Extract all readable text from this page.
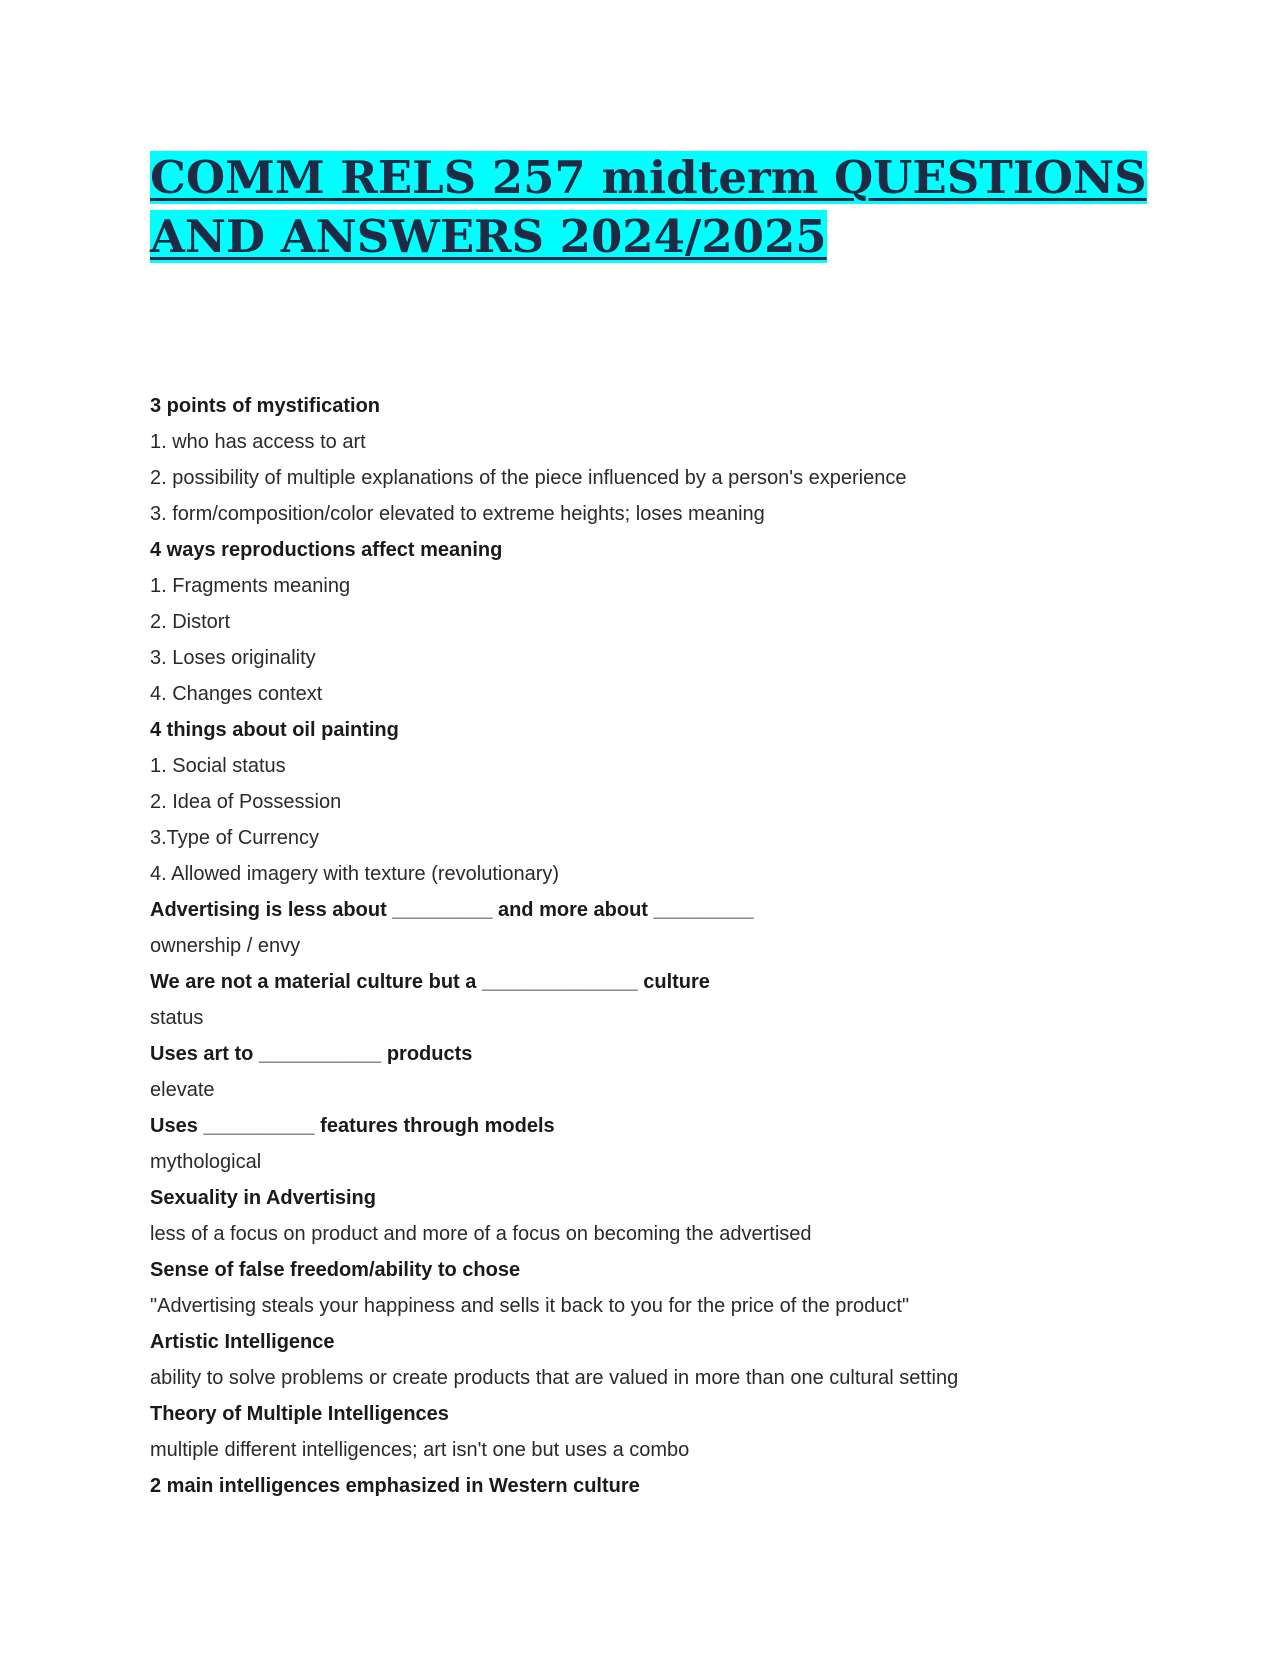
COMM RELS 257 midterm QUESTIONS
AND ANSWERS 2024/2025
3 points of mystification
1. who has access to art
2. possibility of multiple explanations of the piece influenced by a person's experience
3. form/composition/color elevated to extreme heights; loses meaning
4 ways reproductions affect meaning
1. Fragments meaning
2. Distort
3. Loses originality
4. Changes context
4 things about oil painting
1. Social status
2. Idea of Possession
3.Type of Currency
4. Allowed imagery with texture (revolutionary)
Advertising is less about _________ and more about _________
ownership / envy
We are not a material culture but a ______________ culture
status
Uses art to ___________ products
elevate
Uses __________ features through models
mythological
Sexuality in Advertising
less of a focus on product and more of a focus on becoming the advertised
Sense of false freedom/ability to chose
"Advertising steals your happiness and sells it back to you for the price of the product"
Artistic Intelligence
ability to solve problems or create products that are valued in more than one cultural setting
Theory of Multiple Intelligences
multiple different intelligences; art isn't one but uses a combo
2 main intelligences emphasized in Western culture
